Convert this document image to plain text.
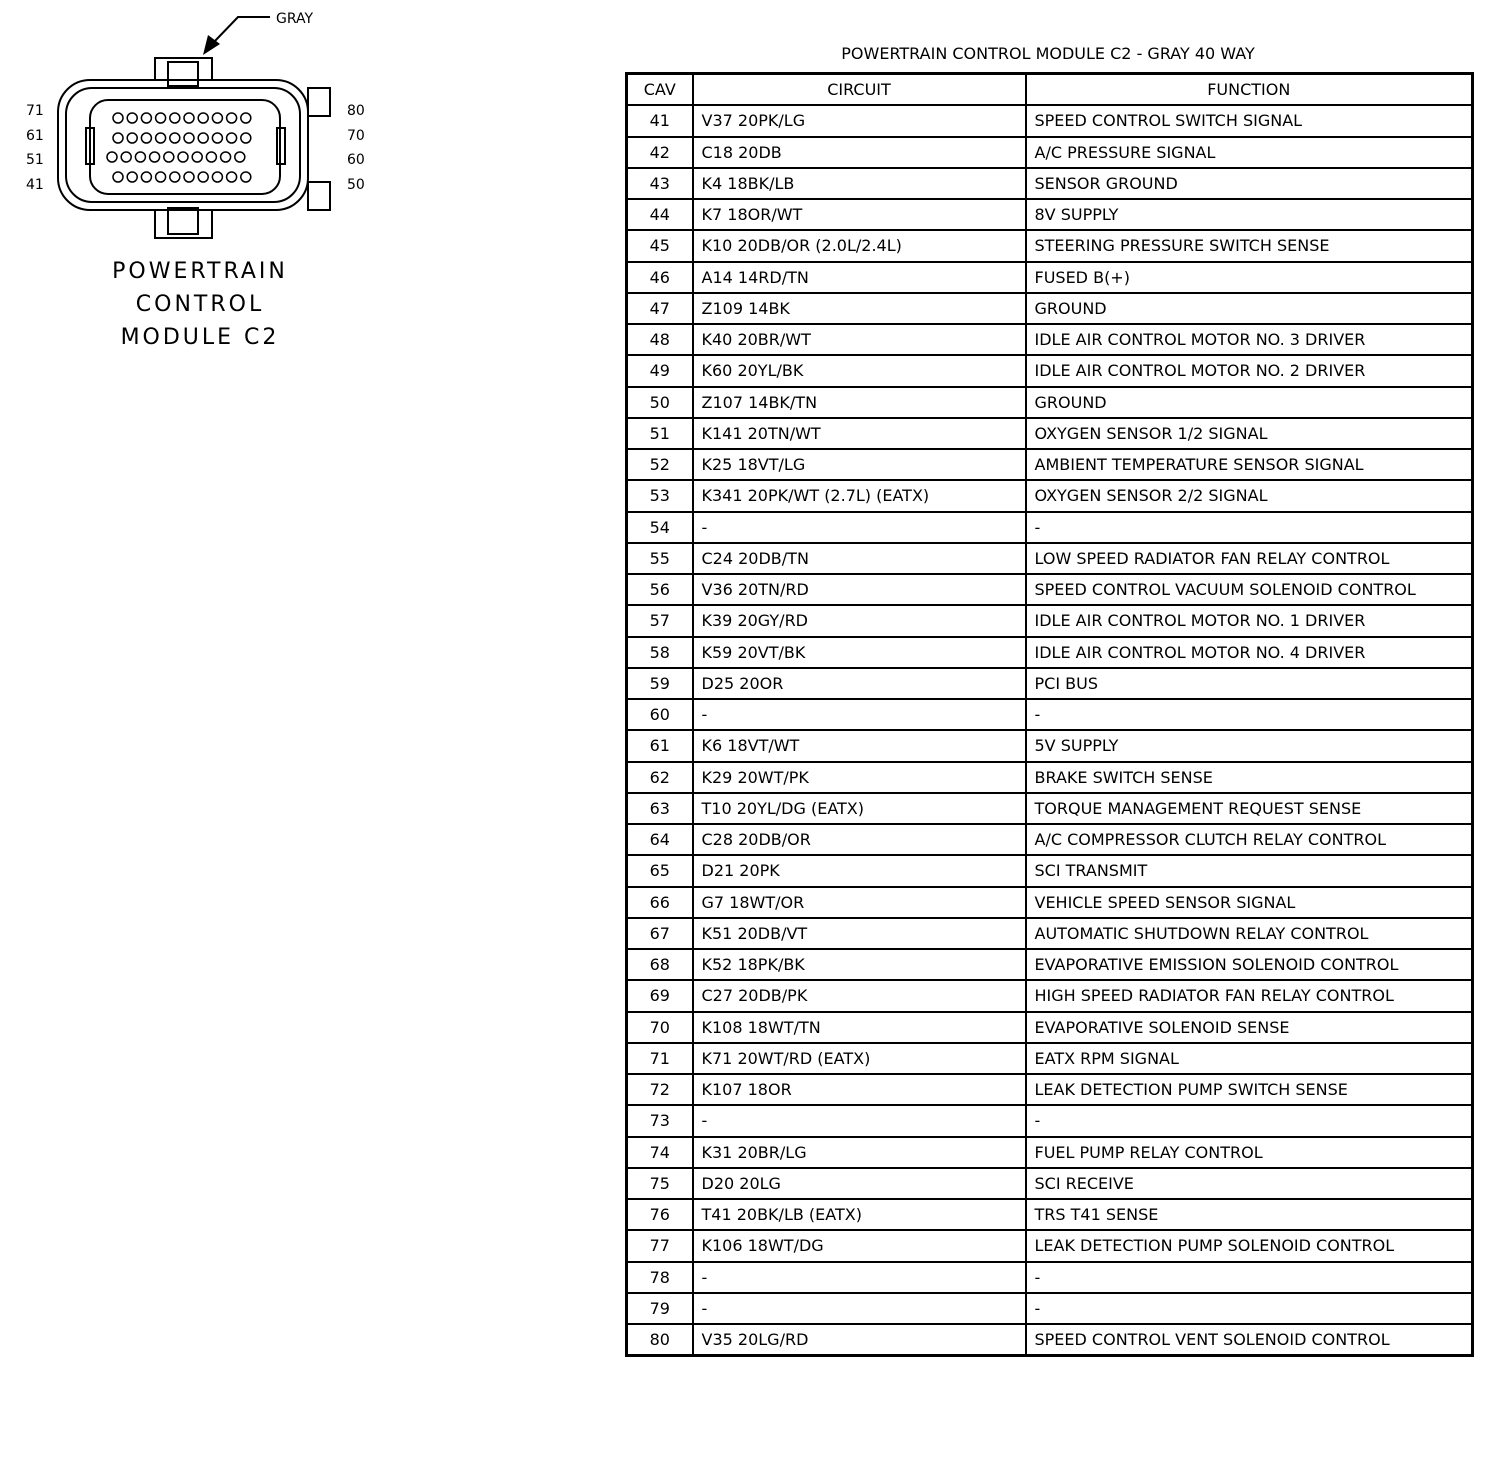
GRAY
71
61
51
41
80
70
60
50
POWERTRAIN
CONTROL
MODULE C2
POWERTRAIN CONTROL MODULE C2 - GRAY 40 WAY
CAV	CIRCUIT	FUNCTION
41	V37 20PK/LG	SPEED CONTROL SWITCH SIGNAL
42	C18 20DB	A/C PRESSURE SIGNAL
43	K4 18BK/LB	SENSOR GROUND
44	K7 18OR/WT	8V SUPPLY
45	K10 20DB/OR (2.0L/2.4L)	STEERING PRESSURE SWITCH SENSE
46	A14 14RD/TN	FUSED B(+)
47	Z109 14BK	GROUND
48	K40 20BR/WT	IDLE AIR CONTROL MOTOR NO. 3 DRIVER
49	K60 20YL/BK	IDLE AIR CONTROL MOTOR NO. 2 DRIVER
50	Z107 14BK/TN	GROUND
51	K141 20TN/WT	OXYGEN SENSOR 1/2 SIGNAL
52	K25 18VT/LG	AMBIENT TEMPERATURE SENSOR SIGNAL
53	K341 20PK/WT (2.7L) (EATX)	OXYGEN SENSOR 2/2 SIGNAL
54	-	-
55	C24 20DB/TN	LOW SPEED RADIATOR FAN RELAY CONTROL
56	V36 20TN/RD	SPEED CONTROL VACUUM SOLENOID CONTROL
57	K39 20GY/RD	IDLE AIR CONTROL MOTOR NO. 1 DRIVER
58	K59 20VT/BK	IDLE AIR CONTROL MOTOR NO. 4 DRIVER
59	D25 20OR	PCI BUS
60	-	-
61	K6 18VT/WT	5V SUPPLY
62	K29 20WT/PK	BRAKE SWITCH SENSE
63	T10 20YL/DG (EATX)	TORQUE MANAGEMENT REQUEST SENSE
64	C28 20DB/OR	A/C COMPRESSOR CLUTCH RELAY CONTROL
65	D21 20PK	SCI TRANSMIT
66	G7 18WT/OR	VEHICLE SPEED SENSOR SIGNAL
67	K51 20DB/VT	AUTOMATIC SHUTDOWN RELAY CONTROL
68	K52 18PK/BK	EVAPORATIVE EMISSION SOLENOID CONTROL
69	C27 20DB/PK	HIGH SPEED RADIATOR FAN RELAY CONTROL
70	K108 18WT/TN	EVAPORATIVE SOLENOID SENSE
71	K71 20WT/RD (EATX)	EATX RPM SIGNAL
72	K107 18OR	LEAK DETECTION PUMP SWITCH SENSE
73	-	-
74	K31 20BR/LG	FUEL PUMP RELAY CONTROL
75	D20 20LG	SCI RECEIVE
76	T41 20BK/LB (EATX)	TRS T41 SENSE
77	K106 18WT/DG	LEAK DETECTION PUMP SOLENOID CONTROL
78	-	-
79	-	-
80	V35 20LG/RD	SPEED CONTROL VENT SOLENOID CONTROL
